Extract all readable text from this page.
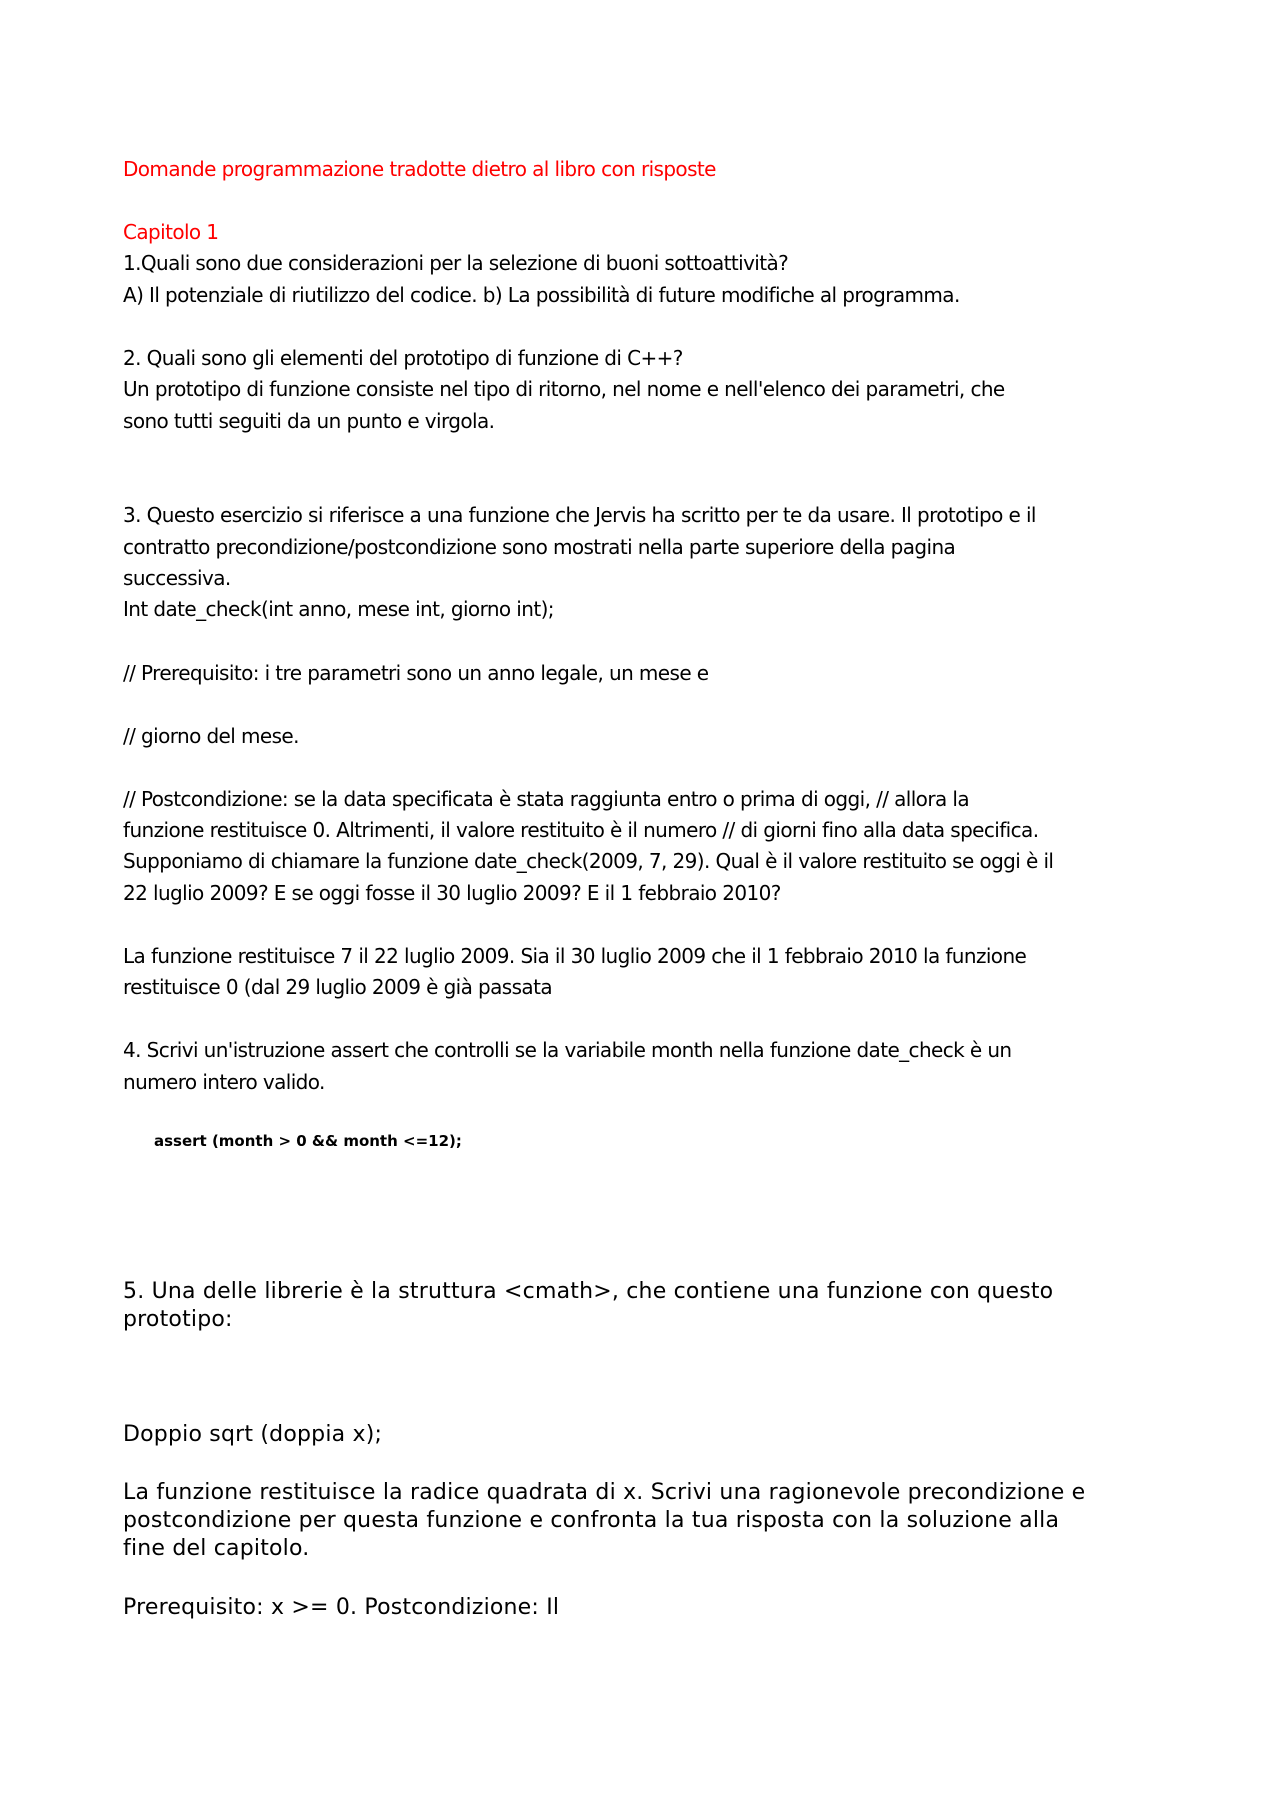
Domande programmazione tradotte dietro al libro con risposte
Capitolo 1
1.Quali sono due considerazioni per la selezione di buoni sottoattività?
A) Il potenziale di riutilizzo del codice. b) La possibilità di future modifiche al programma.
2. Quali sono gli elementi del prototipo di funzione di C++?
Un prototipo di funzione consiste nel tipo di ritorno, nel nome e nell'elenco dei parametri, che
sono tutti seguiti da un punto e virgola.
3. Questo esercizio si riferisce a una funzione che Jervis ha scritto per te da usare. Il prototipo e il
contratto precondizione/postcondizione sono mostrati nella parte superiore della pagina
successiva.
Int date_check(int anno, mese int, giorno int);
// Prerequisito: i tre parametri sono un anno legale, un mese e
// giorno del mese.
// Postcondizione: se la data specificata è stata raggiunta entro o prima di oggi, // allora la
funzione restituisce 0. Altrimenti, il valore restituito è il numero // di giorni fino alla data specifica.
Supponiamo di chiamare la funzione date_check(2009, 7, 29). Qual è il valore restituito se oggi è il
22 luglio 2009? E se oggi fosse il 30 luglio 2009? E il 1 febbraio 2010?
La funzione restituisce 7 il 22 luglio 2009. Sia il 30 luglio 2009 che il 1 febbraio 2010 la funzione
restituisce 0 (dal 29 luglio 2009 è già passata
4. Scrivi un'istruzione assert che controlli se la variabile month nella funzione date_check è un
numero intero valido.
assert (month > 0 && month <=12);
5. Una delle librerie è la struttura <cmath>, che contiene una funzione con questo
prototipo:
Doppio sqrt (doppia x);
La funzione restituisce la radice quadrata di x. Scrivi una ragionevole precondizione e
postcondizione per questa funzione e confronta la tua risposta con la soluzione alla
fine del capitolo.
Prerequisito: x >= 0. Postcondizione: Il
